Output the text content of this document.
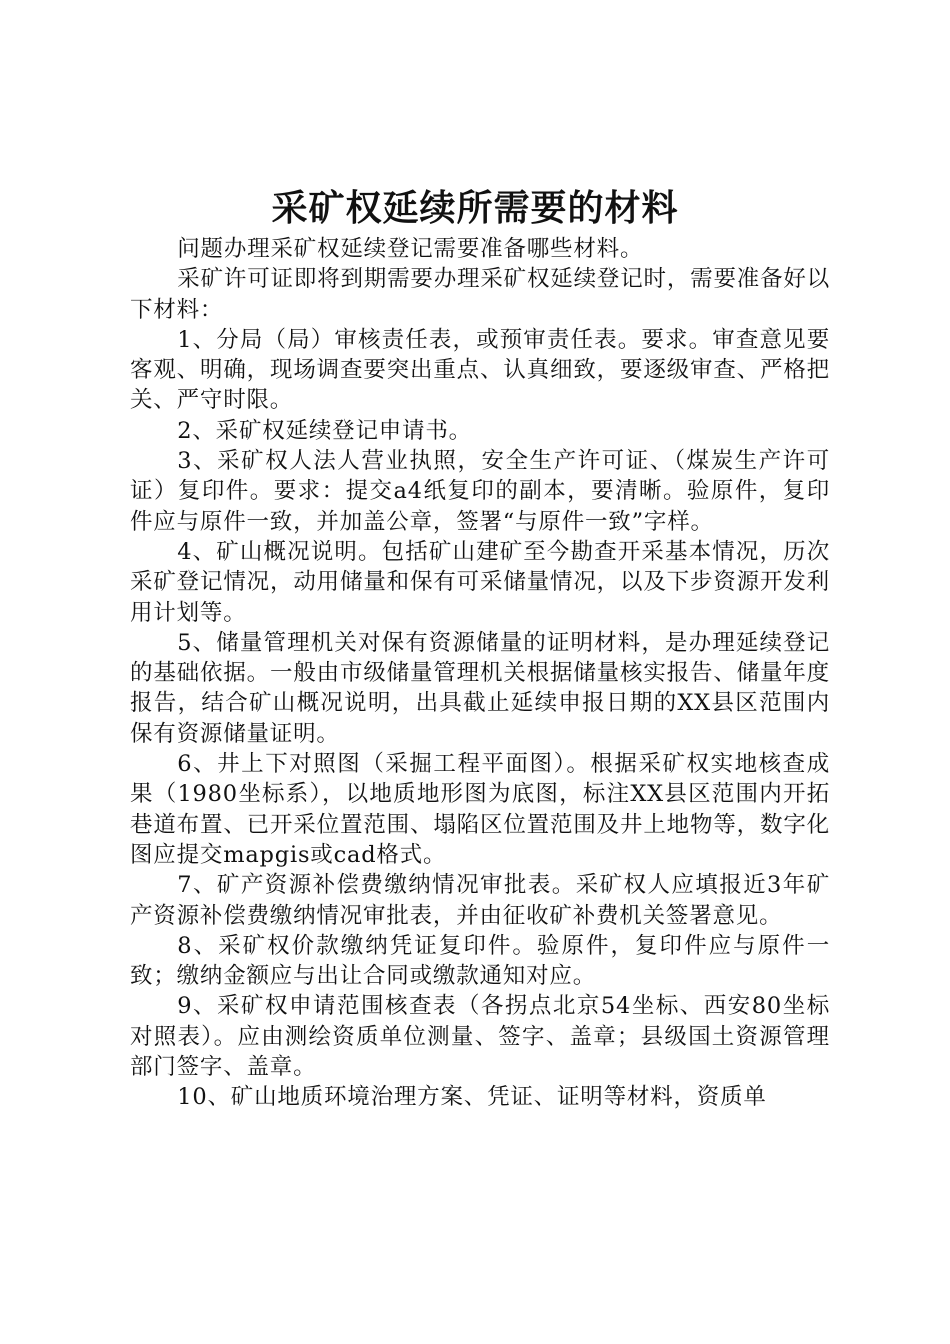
采矿权延续所需要的材料

问题办理采矿权延续登记需要准备哪些材料。

采矿许可证即将到期需要办理采矿权延续登记时，需要准备好以下材料：

1、分局（局）审核责任表，或预审责任表。要求。审查意见要客观、明确，现场调查要突出重点、认真细致，要逐级审查、严格把关、严守时限。

2、采矿权延续登记申请书。

3、采矿权人法人营业执照，安全生产许可证、（煤炭生产许可证）复印件。要求：提交a4纸复印的副本，要清晰。验原件，复印件应与原件一致，并加盖公章，签署“与原件一致”字样。

4、矿山概况说明。包括矿山建矿至今勘查开采基本情况，历次采矿登记情况，动用储量和保有可采储量情况，以及下步资源开发利用计划等。

5、储量管理机关对保有资源储量的证明材料，是办理延续登记的基础依据。一般由市级储量管理机关根据储量核实报告、储量年度报告，结合矿山概况说明，出具截止延续申报日期的XX县区范围内保有资源储量证明。

6、井上下对照图（采掘工程平面图）。根据采矿权实地核查成果（1980坐标系），以地质地形图为底图，标注XX县区范围内开拓巷道布置、已开采位置范围、塌陷区位置范围及井上地物等，数字化图应提交mapgis或cad格式。

7、矿产资源补偿费缴纳情况审批表。采矿权人应填报近3年矿产资源补偿费缴纳情况审批表，并由征收矿补费机关签署意见。

8、采矿权价款缴纳凭证复印件。验原件，复印件应与原件一致；缴纳金额应与出让合同或缴款通知对应。

9、采矿权申请范围核查表（各拐点北京54坐标、西安80坐标对照表）。应由测绘资质单位测量、签字、盖章；县级国土资源管理部门签字、盖章。

10、矿山地质环境治理方案、凭证、证明等材料，资质单
